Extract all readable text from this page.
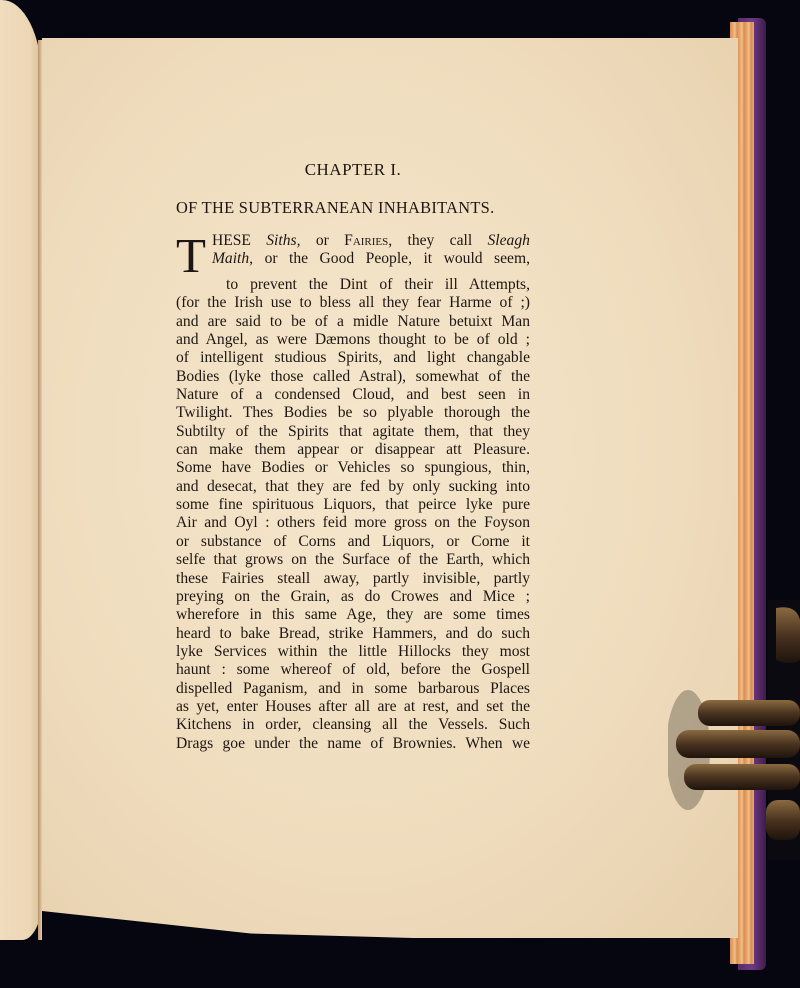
CHAPTER I.
OF THE SUBTERRANEAN INHABITANTS.
T HESE Siths, or Fairies, they call Sleagh
Maith, or the Good People, it would seem,
to prevent the Dint of their ill Attempts,
(for the Irish use to bless all they fear Harme of ;)
and are said to be of a midle Nature betuixt Man
and Angel, as were Dæmons thought to be of old ;
of intelligent studious Spirits, and light changable
Bodies (lyke those called Astral), somewhat of the
Nature of a condensed Cloud, and best seen in
Twilight. Thes Bodies be so plyable thorough the
Subtilty of the Spirits that agitate them, that they
can make them appear or disappear att Pleasure.
Some have Bodies or Vehicles so spungious, thin,
and desecat, that they are fed by only sucking into
some fine spirituous Liquors, that peirce lyke pure
Air and Oyl : others feid more gross on the Foyson
or substance of Corns and Liquors, or Corne it
selfe that grows on the Surface of the Earth, which
these Fairies steall away, partly invisible, partly
preying on the Grain, as do Crowes and Mice ;
wherefore in this same Age, they are some times
heard to bake Bread, strike Hammers, and do such
lyke Services within the little Hillocks they most
haunt : some whereof of old, before the Gospell
dispelled Paganism, and in some barbarous Places
as yet, enter Houses after all are at rest, and set the
Kitchens in order, cleansing all the Vessels. Such
Drags goe under the name of Brownies. When we
